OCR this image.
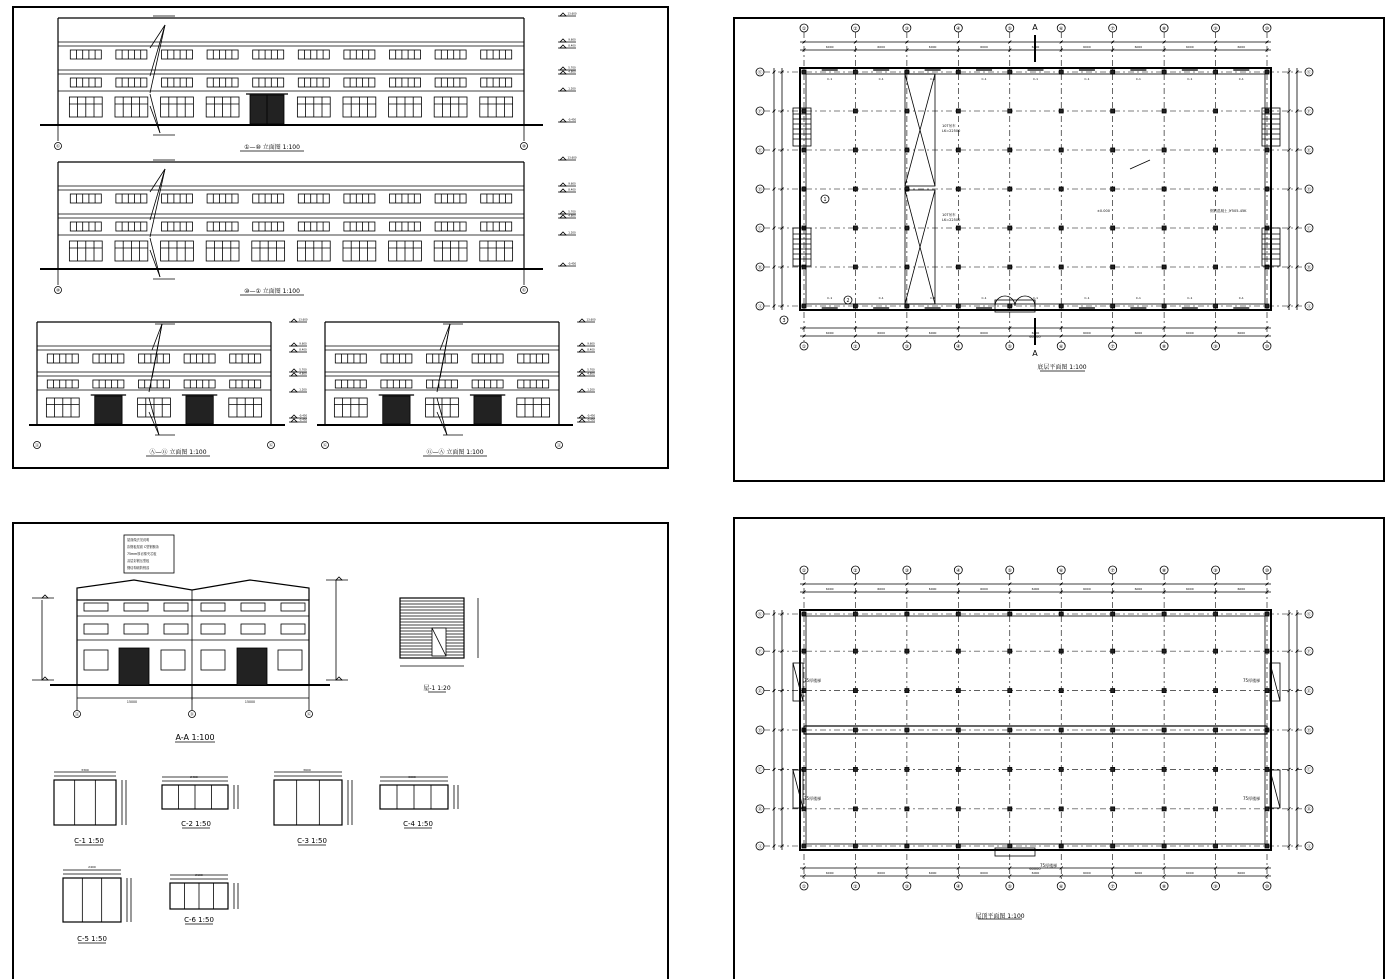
①	⑩
13.600
9.600
8.400
5.700
4.800
1.200
-0.450
⑩	①
13.600
9.600
8.400
5.700
4.800
1.200
-0.450
Ⓐ	Ⓖ
13.600
9.600
8.400
5.700
4.800
1.200
-0.450
-0.450
Ⓖ	Ⓐ
13.600
9.600
8.400
5.700
4.800
1.200
-0.450
-0.450
①
①
②
②
③
③
④
④
⑤
⑤
⑥
⑥
⑦
⑦
⑧
⑧
⑨
⑨
⑩
⑩
Ⓖ	Ⓖ
Ⓕ	Ⓕ
Ⓔ	Ⓔ
Ⓓ	Ⓓ
Ⓒ	Ⓒ
Ⓑ	Ⓑ
Ⓐ	Ⓐ
6000
6000
6000
6000
6000
6000
6000
6000
6000
6000
6000
6000
6000
6000
6000
6000
6000
6000
C-1
C-1
C-1
C-1
C-1
C-1
C-1
C-1
C-1
C-1
C-1
C-1
C-1
C-1
C-1
C-1
C-1
C-1
1
2
3
Ⓐ	Ⓓ	Ⓖ
①
①
②
②
③
③
④
④
⑤
⑤
⑥
⑥
⑦
⑦
⑧
⑧
⑨
⑨
⑩
⑩
Ⓖ	Ⓖ
Ⓕ	Ⓕ
Ⓔ	Ⓔ
Ⓓ	Ⓓ
Ⓒ	Ⓒ
Ⓑ	Ⓑ
Ⓐ	Ⓐ
6000
6000
6000
6000
6000
6000
6000
6000
6000
6000
6000
6000
6000
6000
6000
6000
6000
6000
①—⑩ 立面图 1:100
⑩—① 立面图 1:100
Ⓐ—Ⓖ 立面图 1:100	Ⓖ—Ⓐ 立面图 1:100
底层平面图 1:100
屋顶平面图 1:100
A-A 1:100
屋-1 1:20
A
A
60000
10T吊车
LK=22500
10T吊车
LK=22500
钢筋混凝土 JY505-45K
±0.000
60000
75厚楼梯	75厚楼梯
75厚楼梯	75厚楼梯
75厚楼梯
屋面做法见说明
彩钢板屋面 C型钢檩条
75mm厚岩棉夹芯板
双层彩钢压型板
钢结构刷防锈漆
15000	15000
C-1 1:50
C-2 1:50
C-3 1:50
C-4 1:50
C-5 1:50
C-6 1:50
3300
2400
3600
3000
2400
2100
